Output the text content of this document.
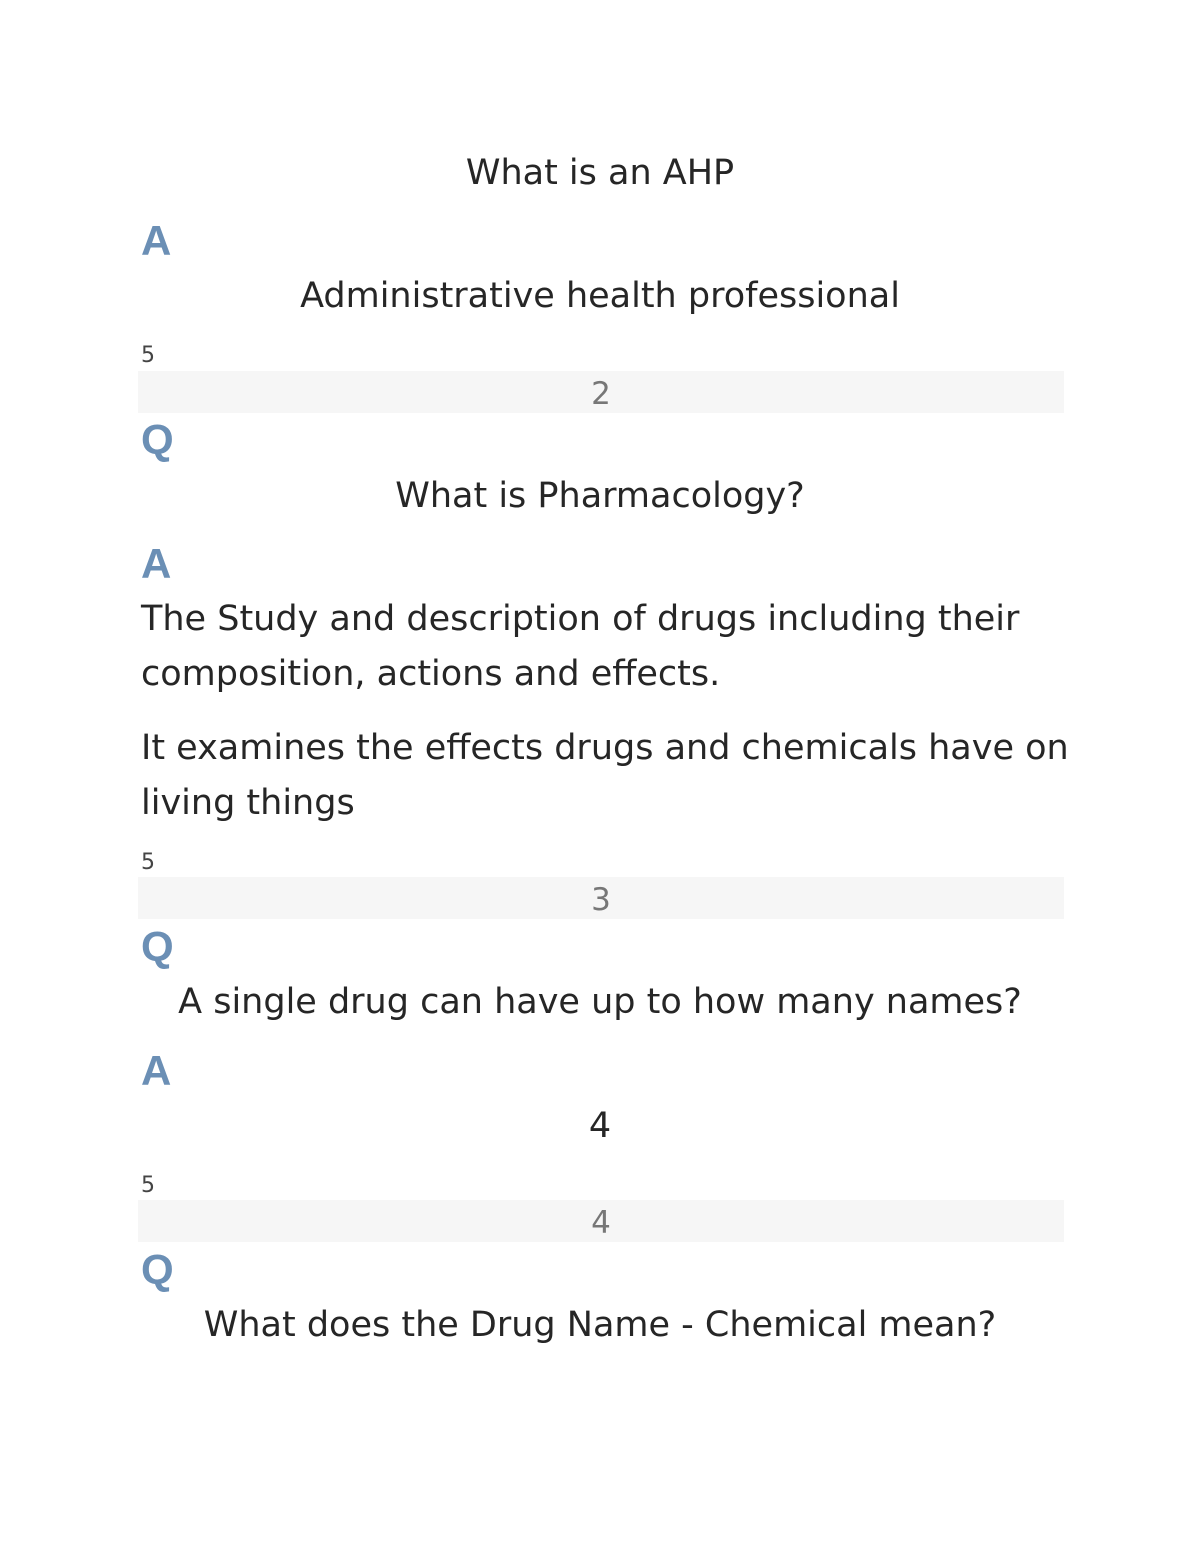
What is an AHP
A
Administrative health professional
5
2
Q
What is Pharmacology?
A
The Study and description of drugs including their composition, actions and effects.
It examines the effects drugs and chemicals have on living things
5
3
Q
A single drug can have up to how many names?
A
4
5
4
Q
What does the Drug Name - Chemical mean?
